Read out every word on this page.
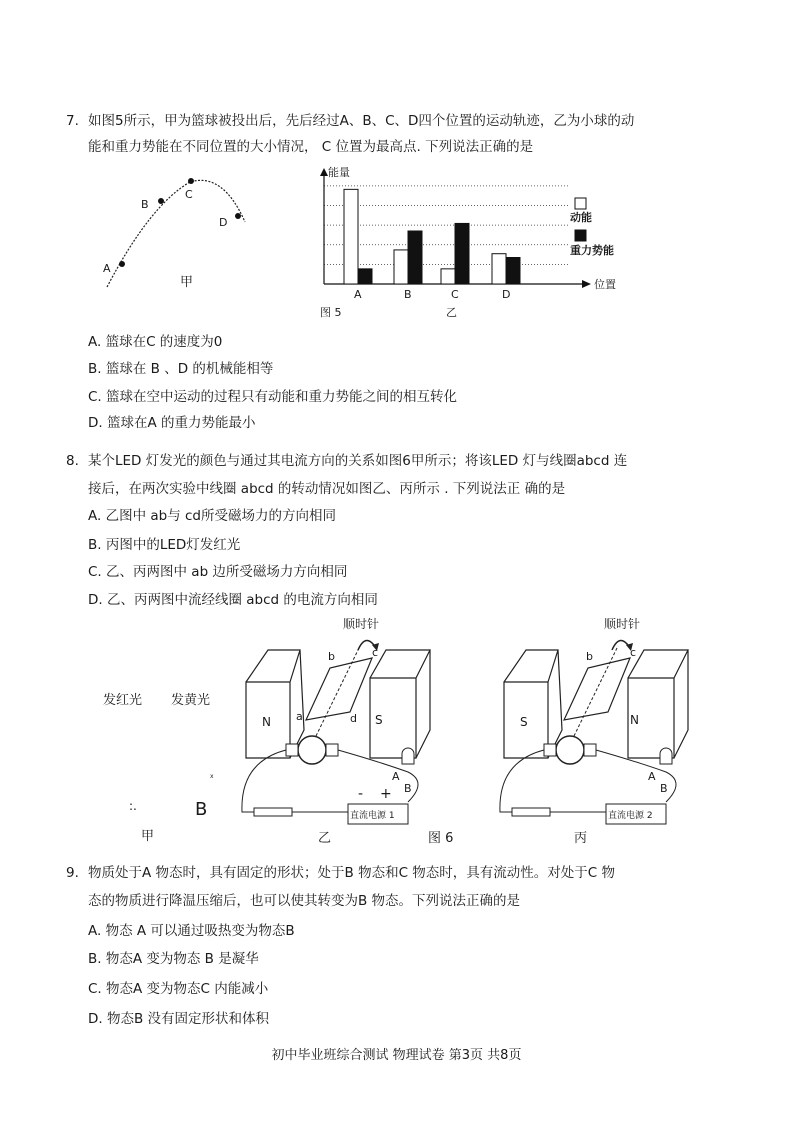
7. 如图5所示，甲为篮球被投出后，先后经过A、B、C、D四个位置的运动轨迹，乙为小球的动
能和重力势能在不同位置的大小情况， C 位置为最高点. 下列说法正确的是
A
B
C
D
甲
能量
位置
A	B	C	D
动能
重力势能
图 5	乙
A. 篮球在C 的速度为0
B. 篮球在 B 、D 的机械能相等
C. 篮球在空中运动的过程只有动能和重力势能之间的相互转化
D. 篮球在A 的重力势能最小
8. 某个LED 灯发光的颜色与通过其电流方向的关系如图6甲所示；将该LED 灯与线圈abcd 连
接后，在两次实验中线圈 abcd 的转动情况如图乙、丙所示 . 下列说法正 确的是
A. 乙图中 ab与 cd所受磁场力的方向相同
B. 丙图中的LED灯发红光
C. 乙、丙两图中 ab 边所受磁场力方向相同
D. 乙、丙两图中流经线圈 abcd 的电流方向相同
发红光 发黄光
x
:.	B
甲
顺时针
N	S
a
b	c
d
A
B
直流电源 1
- +
乙	图 6
顺时针
S	N
b	c
A
B
直流电源 2
丙
9. 物质处于A 物态时，具有固定的形状；处于B 物态和C 物态时，具有流动性。对处于C 物
态的物质进行降温压缩后，也可以使其转变为B 物态。下列说法正确的是
A. 物态 A 可以通过吸热变为物态B
B. 物态A 变为物态 B 是凝华
C. 物态A 变为物态C 内能减小
D. 物态B 没有固定形状和体积
初中毕业班综合测试 物理试卷 第3页 共8页
